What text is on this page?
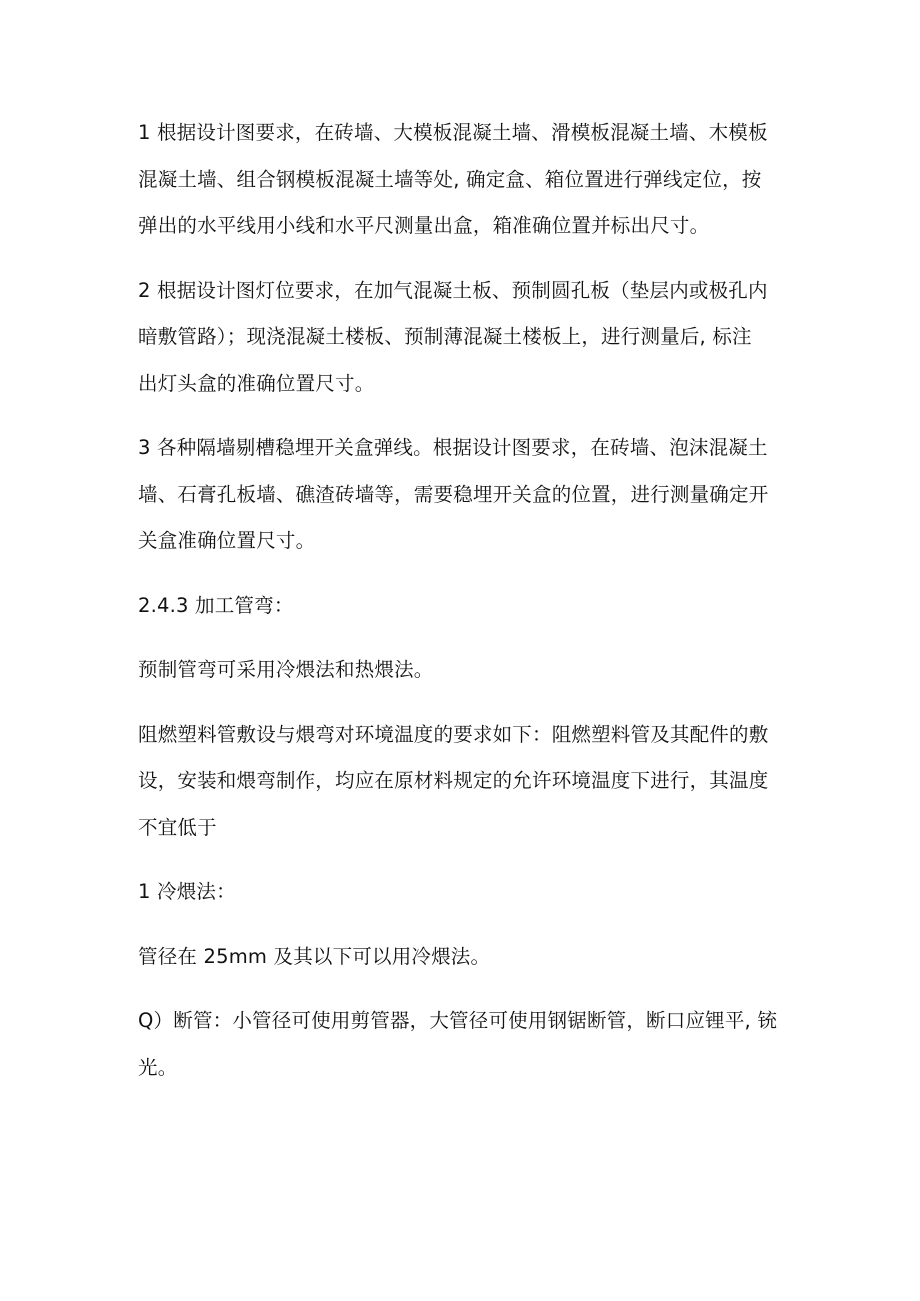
1 根据设计图要求，在砖墙、大模板混凝土墙、滑模板混凝土墙、木模板
混凝土墙、组合钢模板混凝土墙等处, 确定盒、箱位置进行弹线定位，按
弹出的水平线用小线和水平尺测量出盒，箱准确位置并标出尺寸。

2 根据设计图灯位要求，在加气混凝土板、预制圆孔板（垫层内或极孔内
暗敷管路）；现浇混凝土楼板、预制薄混凝土楼板上，进行测量后, 标注
出灯头盒的准确位置尺寸。

3 各种隔墙剔槽稳埋开关盒弹线。根据设计图要求，在砖墙、泡沫混凝土
墙、石膏孔板墙、礁渣砖墙等，需要稳埋开关盒的位置，进行测量确定开
关盒准确位置尺寸。

2.4.3 加工管弯：

预制管弯可采用冷煨法和热煨法。

阻燃塑料管敷设与煨弯对环境温度的要求如下：阻燃塑料管及其配件的敷
设，安装和煨弯制作，均应在原材料规定的允许环境温度下进行，其温度
不宜低于

1 冷煨法：

管径在 25mm 及其以下可以用冷煨法。

Q）断管：小管径可使用剪管器，大管径可使用钢锯断管，断口应锂平, 铳
光。
